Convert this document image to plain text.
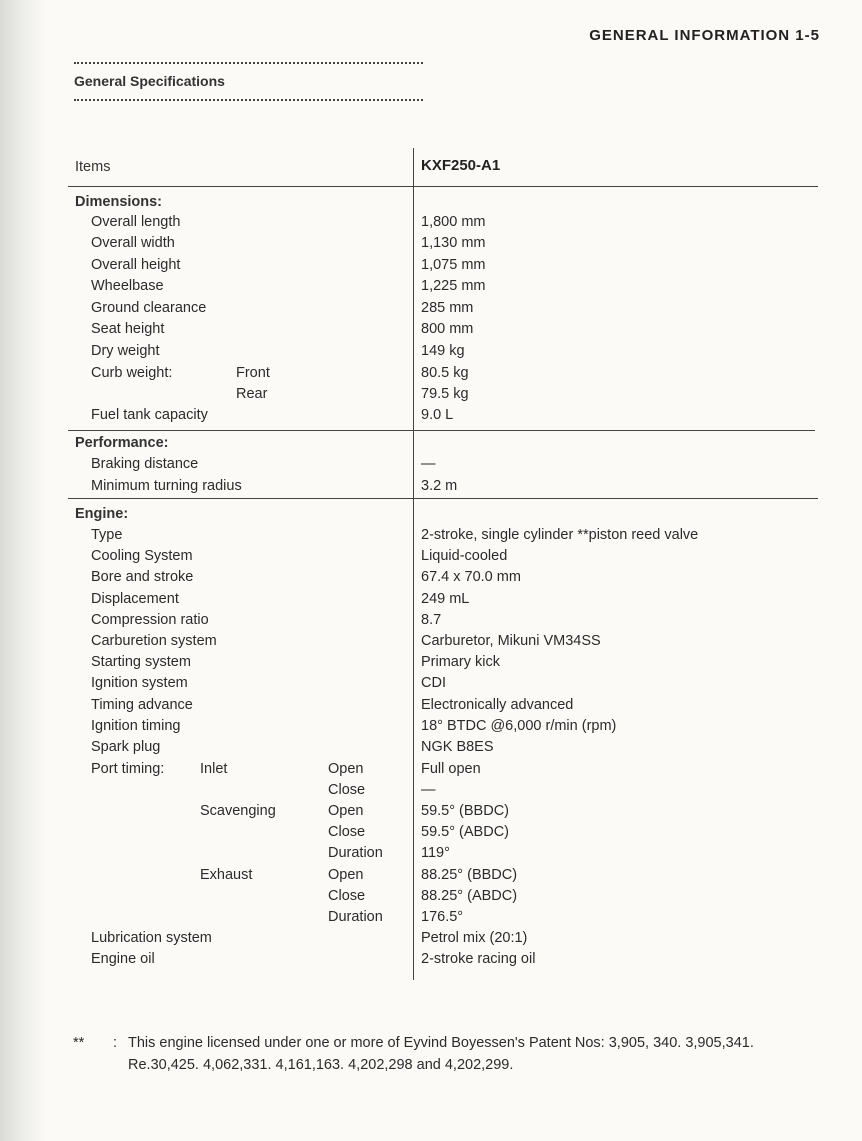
GENERAL INFORMATION 1-5
General Specifications
Items	KXF250-A1
Dimensions:
Overall length	1,800 mm
Overall width	1,130 mm
Overall height	1,075 mm
Wheelbase	1,225 mm
Ground clearance	285 mm
Seat height	800 mm
Dry weight	149 kg
Curb weight:	Front	80.5 kg
Rear	79.5 kg
Fuel tank capacity	9.0 L
Performance:
Braking distance	—
Minimum turning radius	3.2 m
Engine:
Type	2-stroke, single cylinder **piston reed valve
Cooling System	Liquid-cooled
Bore and stroke	67.4 x 70.0 mm
Displacement	249 mL
Compression ratio	8.7
Carburetion system	Carburetor, Mikuni VM34SS
Starting system	Primary kick
Ignition system	CDI
Timing advance	Electronically advanced
Ignition timing	18° BTDC @6,000 r/min (rpm)
Spark plug	NGK B8ES
Port timing: Inlet	Open	Full open
Close	—
Scavenging	Open	59.5° (BBDC)
Close	59.5° (ABDC)
Duration	119°
Exhaust	Open	88.25° (BBDC)
Close	88.25° (ABDC)
Duration	176.5°
Lubrication system	Petrol mix (20:1)
Engine oil	2-stroke racing oil
** : This engine licensed under one or more of Eyvind Boyessen's Patent Nos: 3,905, 340. 3,905,341.
Re.30,425. 4,062,331. 4,161,163. 4,202,298 and 4,202,299.
